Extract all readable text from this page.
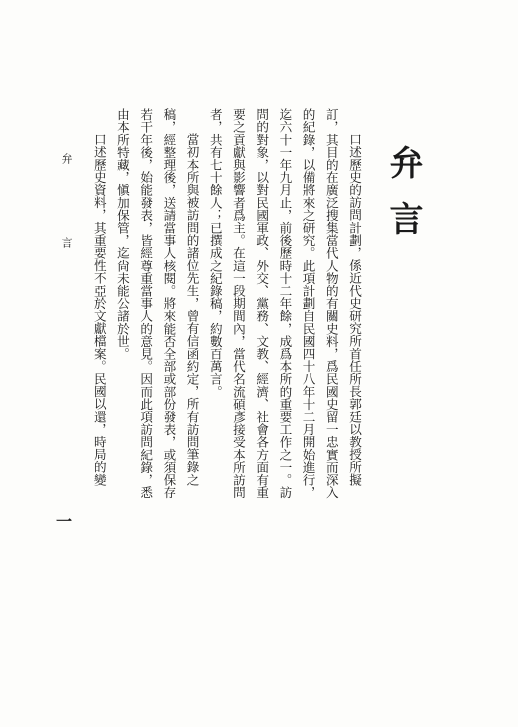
弁言

口述歷史的訪問計劃，係近代史研究所首任所長郭廷以教授所擬訂，其目的在廣泛搜集當代人物的有關史料，爲民國史留一忠實而深入的紀錄，以備將來之研究。此項計劃自民國四十八年十二月開始進行，迄六十一年九月止，前後歷時十二年餘，成爲本所的重要工作之一。訪問的對象，以對民國軍政、外交、黨務、文教、經濟、社會各方面有重要之貢獻與影響者爲主。在這一段期間內，當代名流碩彥接受本所訪問者，共有七十餘人；已撰成之紀錄稿，約數百萬言。

當初本所與被訪問的諸位先生，曾有信函約定，所有訪問筆錄之稿，經整理後，送請當事人核閱。將來能否全部或部份發表，或須保存若干年後，始能發表，皆經尊重當事人的意見。因而此項訪問紀錄，悉由本所特藏，愼加保管，迄尙未能公諸於世。

口述歷史資料，其重要性不亞於文獻檔案。民國以還，時局的變

弁 言
一
